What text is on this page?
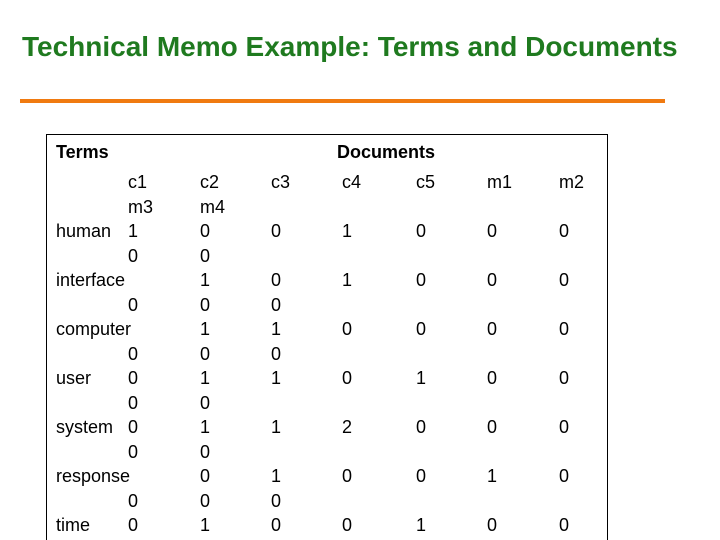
Technical Memo Example: Terms and Documents
Terms	Documents
human
interface
computer
user
system
response
time
c1
m3
1
0
0
0
0
0
0
0
0
0
c2
m4
0
0
1
0
1
0
1
0
1
0
0
0
1
c3
0
0
0
1
0
1
1
1
0
0
c4
1
1
0
0
2
0
0
c5
0
0
0
1
0
0
1
m1
0
0
0
0
0
1
0
m2
0
0
0
0
0
0
0
